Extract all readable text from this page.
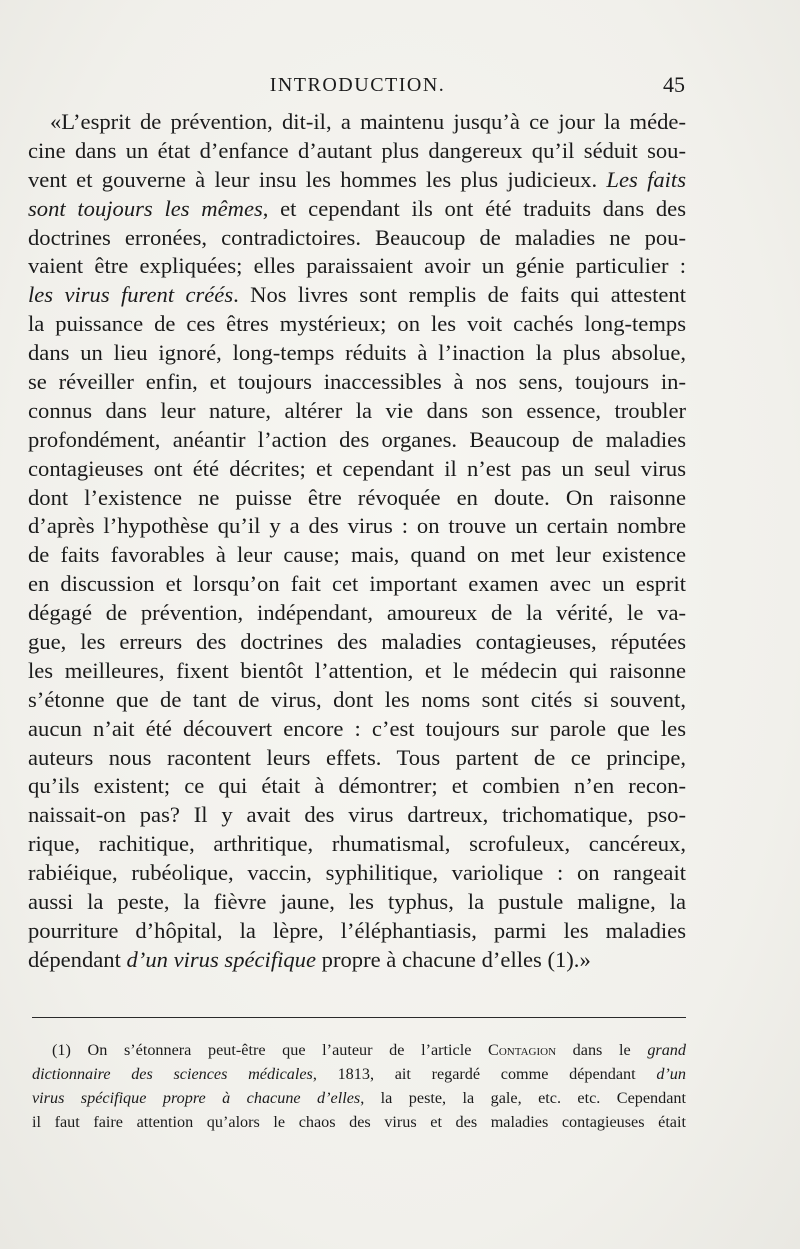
INTRODUCTION.	45
«L’esprit de prévention, dit-il, a maintenu jusqu’à ce jour la méde-
cine dans un état d’enfance d’autant plus dangereux qu’il séduit sou-
vent et gouverne à leur insu les hommes les plus judicieux. Les faits
sont toujours les mêmes, et cependant ils ont été traduits dans des
doctrines erronées, contradictoires. Beaucoup de maladies ne pou-
vaient être expliquées; elles paraissaient avoir un génie particulier :
les virus furent créés. Nos livres sont remplis de faits qui attestent
la puissance de ces êtres mystérieux; on les voit cachés long-temps
dans un lieu ignoré, long-temps réduits à l’inaction la plus absolue,
se réveiller enfin, et toujours inaccessibles à nos sens, toujours in-
connus dans leur nature, altérer la vie dans son essence, troubler
profondément, anéantir l’action des organes. Beaucoup de maladies
contagieuses ont été décrites; et cependant il n’est pas un seul virus
dont l’existence ne puisse être révoquée en doute. On raisonne
d’après l’hypothèse qu’il y a des virus : on trouve un certain nombre
de faits favorables à leur cause; mais, quand on met leur existence
en discussion et lorsqu’on fait cet important examen avec un esprit
dégagé de prévention, indépendant, amoureux de la vérité, le va-
gue, les erreurs des doctrines des maladies contagieuses, réputées
les meilleures, fixent bientôt l’attention, et le médecin qui raisonne
s’étonne que de tant de virus, dont les noms sont cités si souvent,
aucun n’ait été découvert encore : c’est toujours sur parole que les
auteurs nous racontent leurs effets. Tous partent de ce principe,
qu’ils existent; ce qui était à démontrer; et combien n’en recon-
naissait-on pas? Il y avait des virus dartreux, trichomatique, pso-
rique, rachitique, arthritique, rhumatismal, scrofuleux, cancéreux,
rabiéique, rubéolique, vaccin, syphilitique, variolique : on rangeait
aussi la peste, la fièvre jaune, les typhus, la pustule maligne, la
pourriture d’hôpital, la lèpre, l’éléphantiasis, parmi les maladies
dépendant d’un virus spécifique propre à chacune d’elles (1).»
(1) On s’étonnera peut-être que l’auteur de l’article Contagion dans le grand
dictionnaire des sciences médicales, 1813, ait regardé comme dépendant d’un
virus spécifique propre à chacune d’elles, la peste, la gale, etc. etc. Cependant
il faut faire attention qu’alors le chaos des virus et des maladies contagieuses était
